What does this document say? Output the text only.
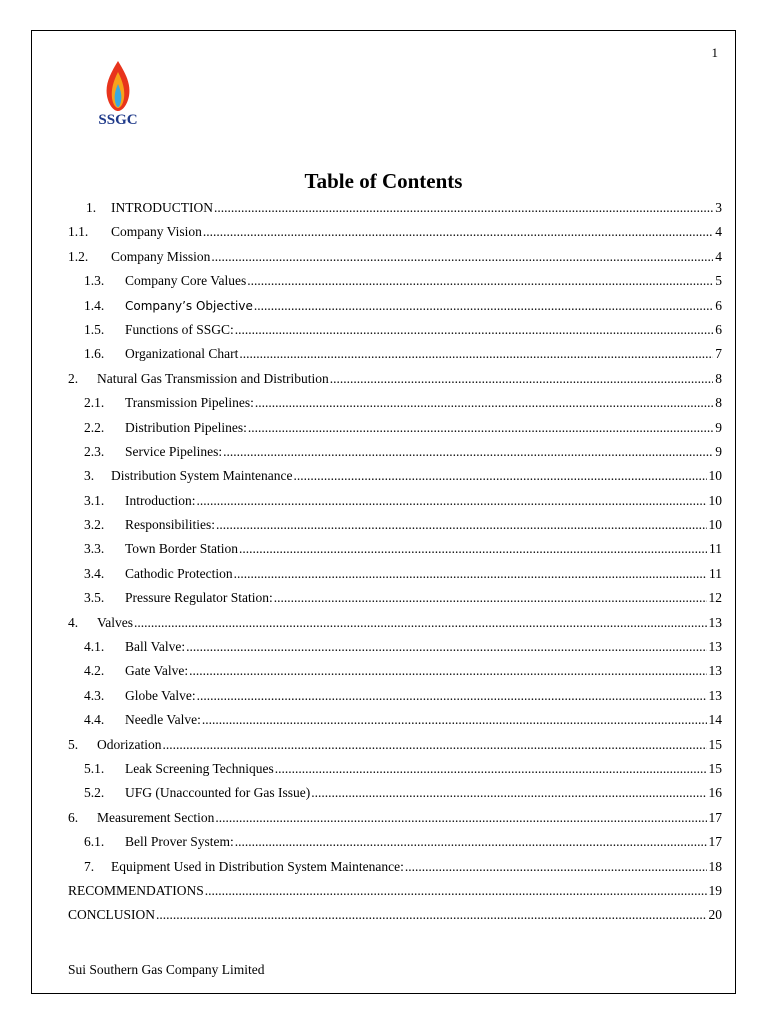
1
SSGC
Table of Contents
1.	INTRODUCTION .....	3
1.1.	Company Vision .....	4
1.2.	Company Mission .....	4
1.3.	Company Core Values .....	5
1.4.	Company’s Objective .....	6
1.5.	Functions of SSGC: .....	6
1.6.	Organizational Chart .....	7
2.	Natural Gas Transmission and Distribution .....	8
2.1.	Transmission Pipelines: .....	8
2.2.	Distribution Pipelines: .....	9
2.3.	Service Pipelines: .....	9
3.	Distribution System Maintenance .....	10
3.1.	Introduction: .....	10
3.2.	Responsibilities: .....	10
3.3.	Town Border Station .....	11
3.4.	Cathodic Protection .....	11
3.5.	Pressure Regulator Station: .....	12
4.	Valves .....	13
4.1.	Ball Valve: .....	13
4.2.	Gate Valve: .....	13
4.3.	Globe Valve: .....	13
4.4.	Needle Valve: .....	14
5.	Odorization .....	15
5.1.	Leak Screening Techniques .....	15
5.2.	UFG (Unaccounted for Gas Issue) .....	16
6.	Measurement Section .....	17
6.1.	Bell Prover System: .....	17
7.	Equipment Used in Distribution System Maintenance: .....	18
RECOMMENDATIONS .....	19
CONCLUSION .....	20
Sui Southern Gas Company Limited
